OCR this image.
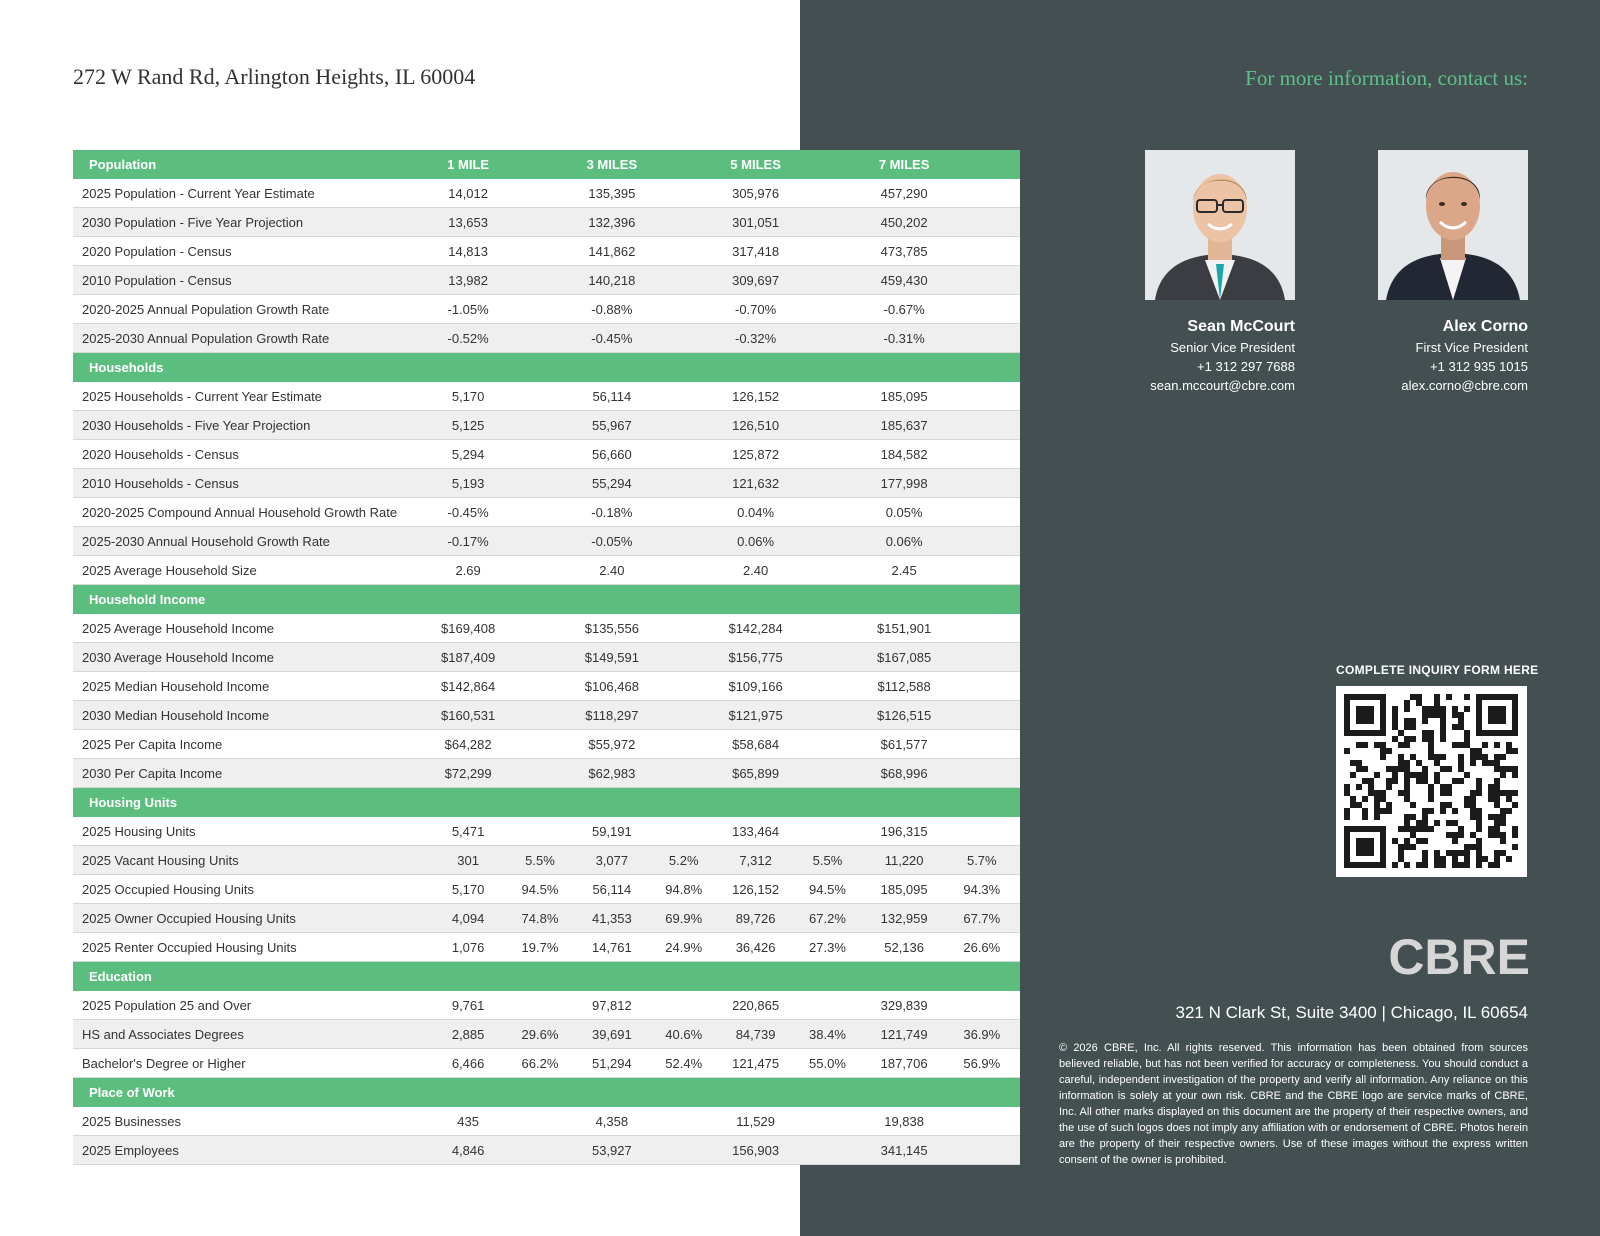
272 W Rand Rd, Arlington Heights, IL 60004	For more information, contact us:
Population	1 MILE		3 MILES		5 MILES		7 MILES	
2025 Population - Current Year Estimate	14,012		135,395		305,976		457,290	
2030 Population - Five Year Projection	13,653		132,396		301,051		450,202	
2020 Population - Census	14,813		141,862		317,418		473,785	
2010 Population - Census	13,982		140,218		309,697		459,430	
2020-2025 Annual Population Growth Rate	-1.05%		-0.88%		-0.70%		-0.67%	
2025-2030 Annual Population Growth Rate	-0.52%		-0.45%		-0.32%		-0.31%	
Households								
2025 Households - Current Year Estimate	5,170		56,114		126,152		185,095	
2030 Households - Five Year Projection	5,125		55,967		126,510		185,637	
2020 Households - Census	5,294		56,660		125,872		184,582	
2010 Households - Census	5,193		55,294		121,632		177,998	
2020-2025 Compound Annual Household Growth Rate	-0.45%		-0.18%		0.04%		0.05%	
2025-2030 Annual Household Growth Rate	-0.17%		-0.05%		0.06%		0.06%	
2025 Average Household Size	2.69		2.40		2.40		2.45	
Household Income								
2025 Average Household Income	$169,408		$135,556		$142,284		$151,901	
2030 Average Household Income	$187,409		$149,591		$156,775		$167,085	
2025 Median Household Income	$142,864		$106,468		$109,166		$112,588	
2030 Median Household Income	$160,531		$118,297		$121,975		$126,515	
2025 Per Capita Income	$64,282		$55,972		$58,684		$61,577	
2030 Per Capita Income	$72,299		$62,983		$65,899		$68,996	
Housing Units								
2025 Housing Units	5,471		59,191		133,464		196,315	
2025 Vacant Housing Units	301	5.5%	3,077	5.2%	7,312	5.5%	11,220	5.7%
2025 Occupied Housing Units	5,170	94.5%	56,114	94.8%	126,152	94.5%	185,095	94.3%
2025 Owner Occupied Housing Units	4,094	74.8%	41,353	69.9%	89,726	67.2%	132,959	67.7%
2025 Renter Occupied Housing Units	1,076	19.7%	14,761	24.9%	36,426	27.3%	52,136	26.6%
Education								
2025 Population 25 and Over	9,761		97,812		220,865		329,839	
HS and Associates Degrees	2,885	29.6%	39,691	40.6%	84,739	38.4%	121,749	36.9%
Bachelor's Degree or Higher	6,466	66.2%	51,294	52.4%	121,475	55.0%	187,706	56.9%
Place of Work								
2025 Businesses	435		4,358		11,529		19,838	
2025 Employees	4,846		53,927		156,903		341,145	
Sean McCourt
Senior Vice President
+1 312 297 7688
sean.mccourt@cbre.com
Alex Corno
First Vice President
+1 312 935 1015
alex.corno@cbre.com
COMPLETE INQUIRY FORM HERE
CBRE
321 N Clark St, Suite 3400 | Chicago, IL 60654
© 2026 CBRE, Inc. All rights reserved. This information has been obtained from sources believed reliable, but has not been verified for accuracy or completeness. You should conduct a careful, independent investigation of the property and verify all information. Any reliance on this information is solely at your own risk. CBRE and the CBRE logo are service marks of CBRE, Inc. All other marks displayed on this document are the property of their respective owners, and the use of such logos does not imply any affiliation with or endorsement of CBRE. Photos herein are the property of their respective owners. Use of these images without the express written consent of the owner is prohibited.
